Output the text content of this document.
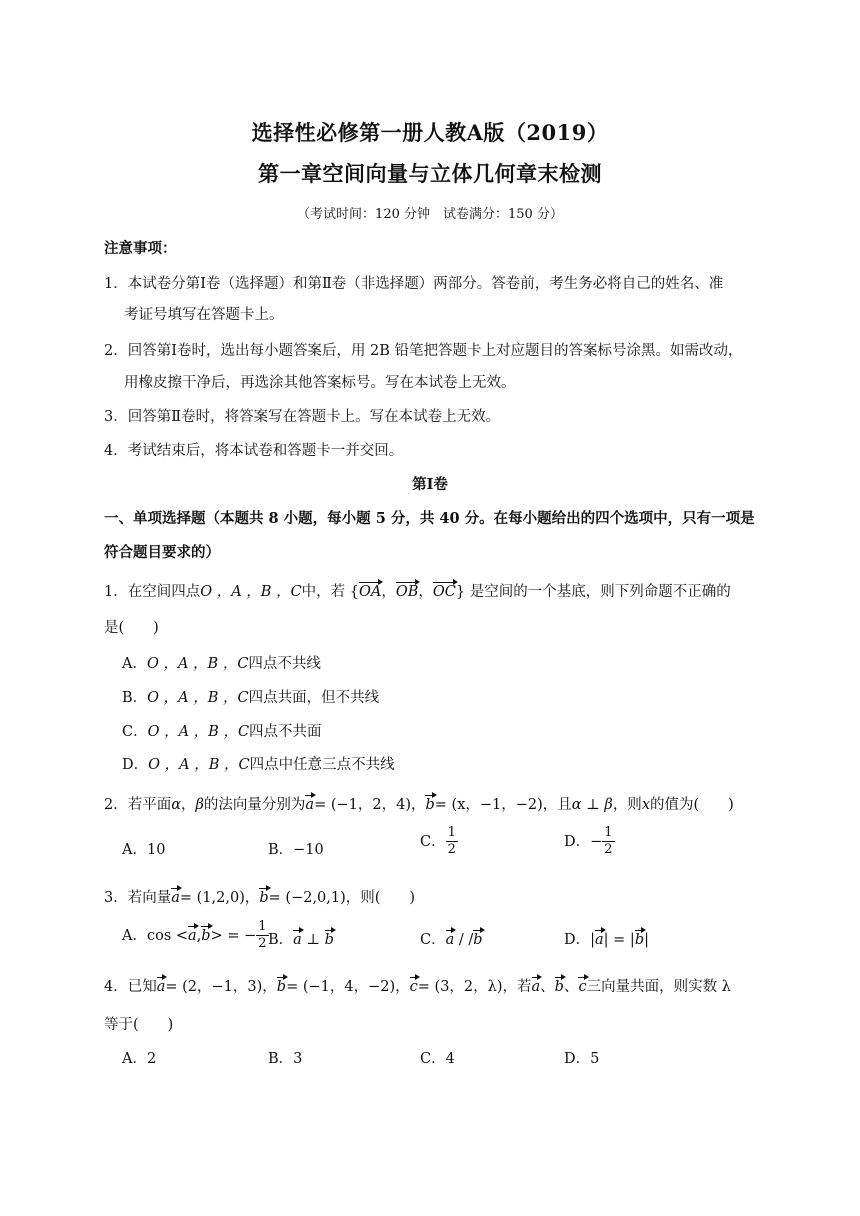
选择性必修第一册人教A版（2019）
第一章空间向量与立体几何章末检测
（考试时间：120 分钟　试卷满分：150 分）
注意事项：
1．本试卷分第Ⅰ卷（选择题）和第Ⅱ卷（非选择题）两部分。答卷前，考生务必将自己的姓名、准
考证号填写在答题卡上。
2．回答第Ⅰ卷时，选出每小题答案后，用 2B 铅笔把答题卡上对应题目的答案标号涂黑。如需改动，
用橡皮擦干净后，再选涂其他答案标号。写在本试卷上无效。
3．回答第Ⅱ卷时，将答案写在答题卡上。写在本试卷上无效。
4．考试结束后，将本试卷和答题卡一并交回。
第Ⅰ卷
一、单项选择题（本题共 8 小题，每小题 5 分，共 40 分。在每小题给出的四个选项中，只有一项是
符合题目要求的）
1．在空间四点O ，A ，B ，C中，若 {OA，OB，OC} 是空间的一个基底，则下列命题不正确的
是(　　)
A．O ，A ，B ，C四点不共线
B．O ，A ，B ，C四点共面，但不共线
C．O ，A ，B ，C四点不共面
D．O ，A ，B ，C四点中任意三点不共线
2．若平面α，β的法向量分别为a= (−1，2，4)，b= (x，−1，−2)，且α ⊥ β，则x的值为(　　)
A．10	B．−10
C． $\frac{1}{2}$	D．− $\frac{1}{2}$
3．若向量a= (1,2,0)，b= (−2,0,1)，则(　　)
A．cos <a,b> = − $\frac{1}{2}$ B．a ⊥ b	C．a / /b	D．|a| = |b|
4．已知a= (2，−1，3)，b= (−1，4，−2)，c= (3，2，λ)，若a、b、c三向量共面，则实数 λ
等于(　　)
A．2	B．3	C．4	D．5
